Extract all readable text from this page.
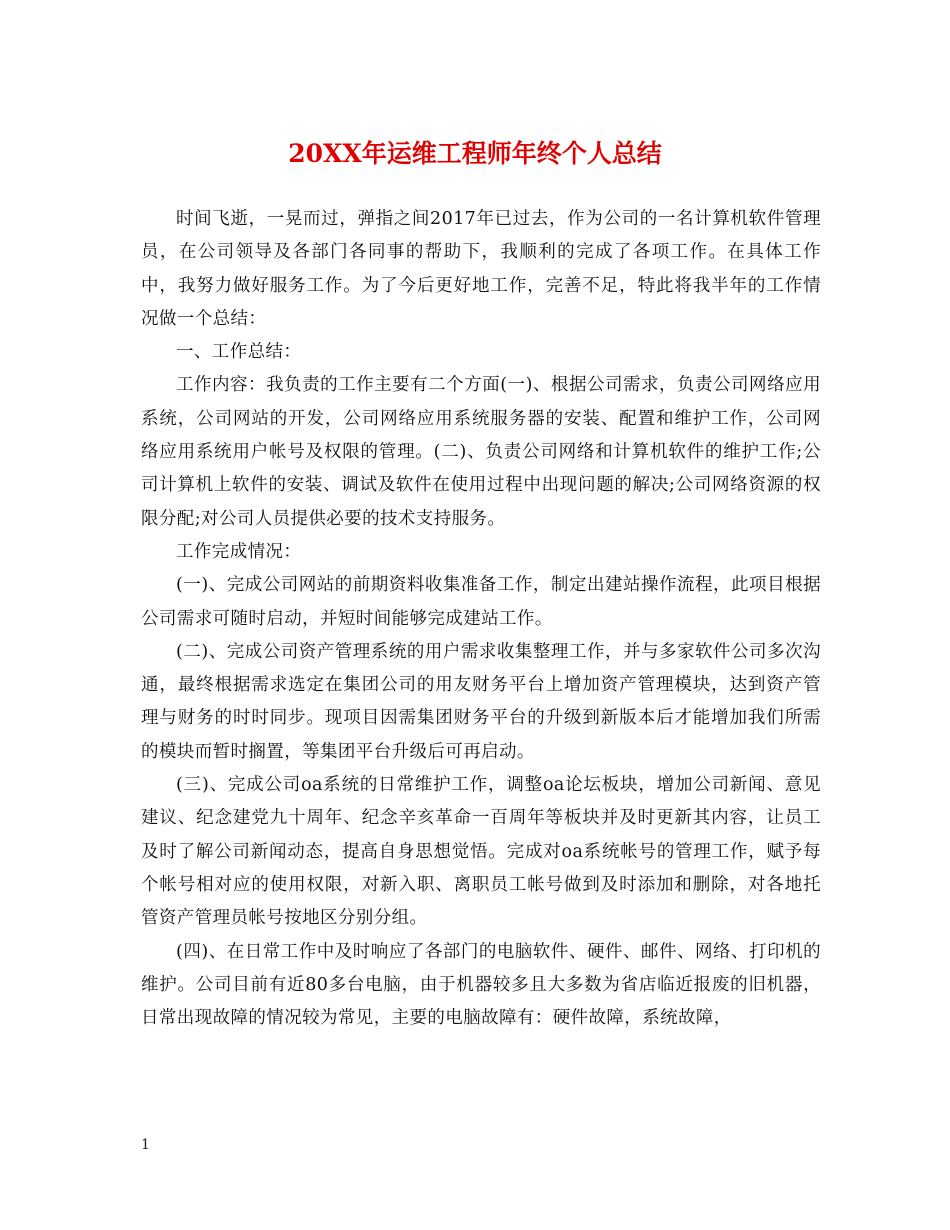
20XX年运维工程师年终个人总结

时间飞逝，一晃而过，弹指之间2017年已过去，作为公司的一名计算机软件管理员，在公司领导及各部门各同事的帮助下，我顺利的完成了各项工作。在具体工作中，我努力做好服务工作。为了今后更好地工作，完善不足，特此将我半年的工作情况做一个总结：

一、工作总结：

工作内容：我负责的工作主要有二个方面(一)、根据公司需求，负责公司网络应用系统，公司网站的开发，公司网络应用系统服务器的安装、配置和维护工作，公司网络应用系统用户帐号及权限的管理。(二)、负责公司网络和计算机软件的维护工作;公司计算机上软件的安装、调试及软件在使用过程中出现问题的解决;公司网络资源的权限分配;对公司人员提供必要的技术支持服务。

工作完成情况：

(一)、完成公司网站的前期资料收集准备工作，制定出建站操作流程，此项目根据公司需求可随时启动，并短时间能够完成建站工作。

(二)、完成公司资产管理系统的用户需求收集整理工作，并与多家软件公司多次沟通，最终根据需求选定在集团公司的用友财务平台上增加资产管理模块，达到资产管理与财务的时时同步。现项目因需集团财务平台的升级到新版本后才能增加我们所需的模块而暂时搁置，等集团平台升级后可再启动。

(三)、完成公司oa系统的日常维护工作，调整oa论坛板块，增加公司新闻、意见建议、纪念建党九十周年、纪念辛亥革命一百周年等板块并及时更新其内容，让员工及时了解公司新闻动态，提高自身思想觉悟。完成对oa系统帐号的管理工作，赋予每个帐号相对应的使用权限，对新入职、离职员工帐号做到及时添加和删除，对各地托管资产管理员帐号按地区分别分组。

(四)、在日常工作中及时响应了各部门的电脑软件、硬件、邮件、网络、打印机的维护。公司目前有近80多台电脑，由于机器较多且大多数为省店临近报废的旧机器，日常出现故障的情况较为常见，主要的电脑故障有：硬件故障，系统故障，

1
